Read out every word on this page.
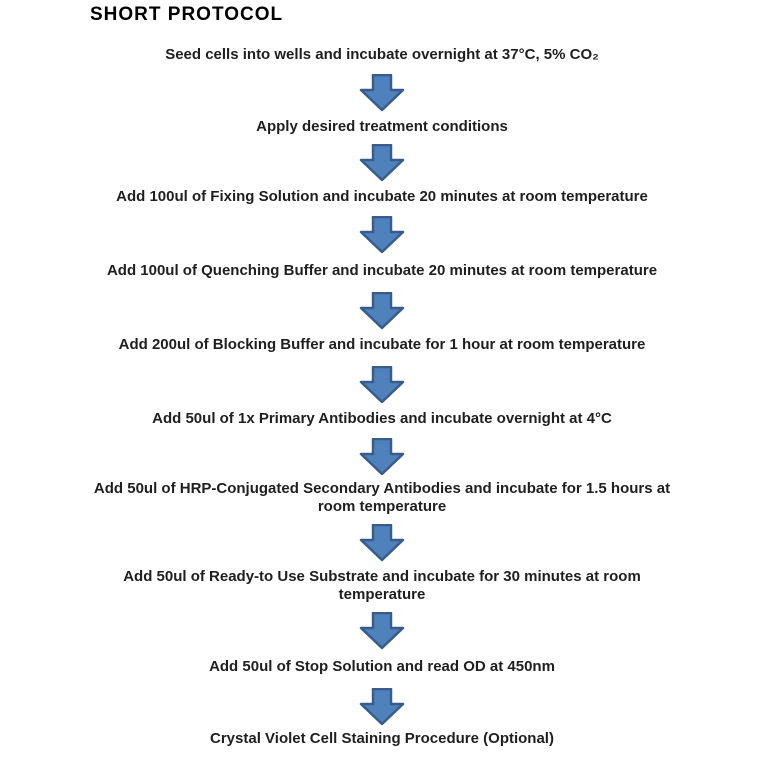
SHORT PROTOCOL
Seed cells into wells and incubate overnight at 37°C, 5% CO₂
Apply desired treatment conditions
Add 100ul of Fixing Solution and incubate 20 minutes at room temperature
Add 100ul of Quenching Buffer and incubate 20 minutes at room temperature
Add 200ul of Blocking Buffer and incubate for 1 hour at room temperature
Add 50ul of 1x Primary Antibodies and incubate overnight at 4°C
Add 50ul of HRP-Conjugated Secondary Antibodies and incubate for 1.5 hours at room temperature
Add 50ul of Ready-to Use Substrate and incubate for 30 minutes at room temperature
Add 50ul of Stop Solution and read OD at 450nm
Crystal Violet Cell Staining Procedure (Optional)
